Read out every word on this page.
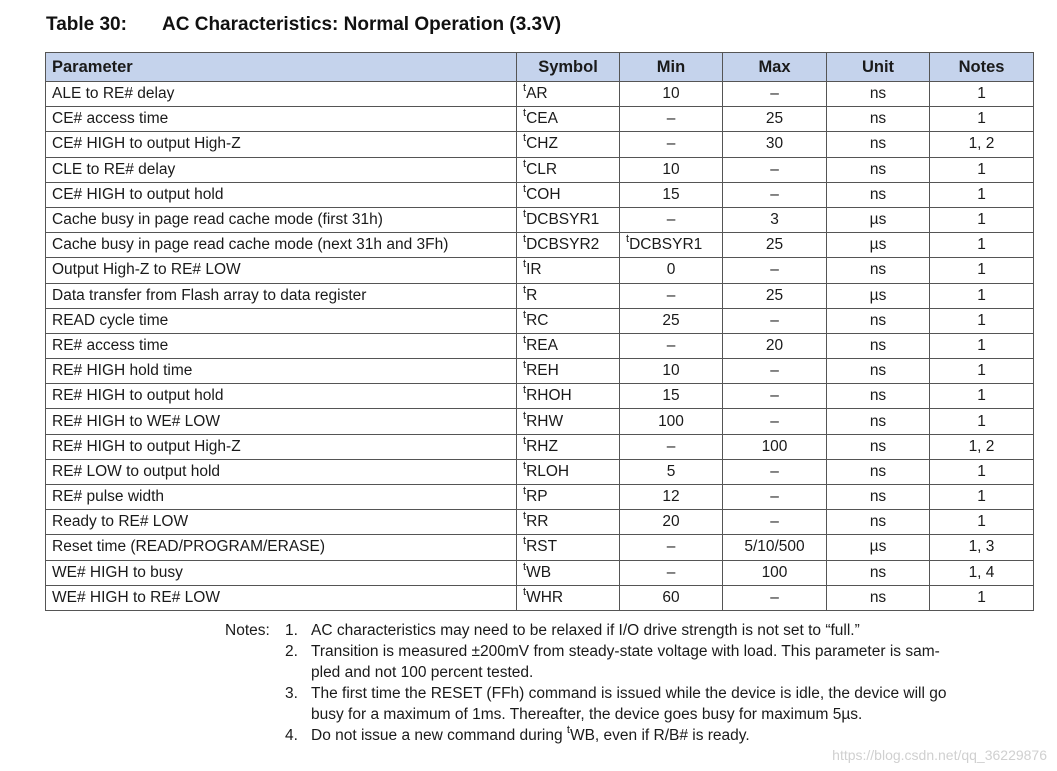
Table 30: AC Characteristics: Normal Operation (3.3V)
Parameter	Symbol	Min	Max	Unit	Notes
ALE to RE# delay	$^t$AR	10	–	ns	1
CE# access time	$^t$CEA	–	25	ns	1
CE# HIGH to output High-Z	$^t$CHZ	–	30	ns	1, 2
CLE to RE# delay	$^t$CLR	10	–	ns	1
CE# HIGH to output hold	$^t$COH	15	–	ns	1
Cache busy in page read cache mode (first 31h)	$^t$DCBSYR1	–	3	µs	1
Cache busy in page read cache mode (next 31h and 3Fh)	$^t$DCBSYR2	$^t$DCBSYR1	25	µs	1
Output High-Z to RE# LOW	$^t$IR	0	–	ns	1
Data transfer from Flash array to data register	$^t$R	–	25	µs	1
READ cycle time	$^t$RC	25	–	ns	1
RE# access time	$^t$REA	–	20	ns	1
RE# HIGH hold time	$^t$REH	10	–	ns	1
RE# HIGH to output hold	$^t$RHOH	15	–	ns	1
RE# HIGH to WE# LOW	$^t$RHW	100	–	ns	1
RE# HIGH to output High-Z	$^t$RHZ	–	100	ns	1, 2
RE# LOW to output hold	$^t$RLOH	5	–	ns	1
RE# pulse width	$^t$RP	12	–	ns	1
Ready to RE# LOW	$^t$RR	20	–	ns	1
Reset time (READ/PROGRAM/ERASE)	$^t$RST	–	5/10/500	µs	1, 3
WE# HIGH to busy	$^t$WB	–	100	ns	1, 4
WE# HIGH to RE# LOW	$^t$WHR	60	–	ns	1
Notes: 1. AC characteristics may need to be relaxed if I/O drive strength is not set to “full.”
2. Transition is measured ±200mV from steady-state voltage with load. This parameter is sam-
pled and not 100 percent tested.
3. The first time the RESET (FFh) command is issued while the device is idle, the device will go
busy for a maximum of 1ms. Thereafter, the device goes busy for maximum 5µs.
4. Do not issue a new command during $^t$WB, even if R/B# is ready.
https://blog.csdn.net/qq_36229876
